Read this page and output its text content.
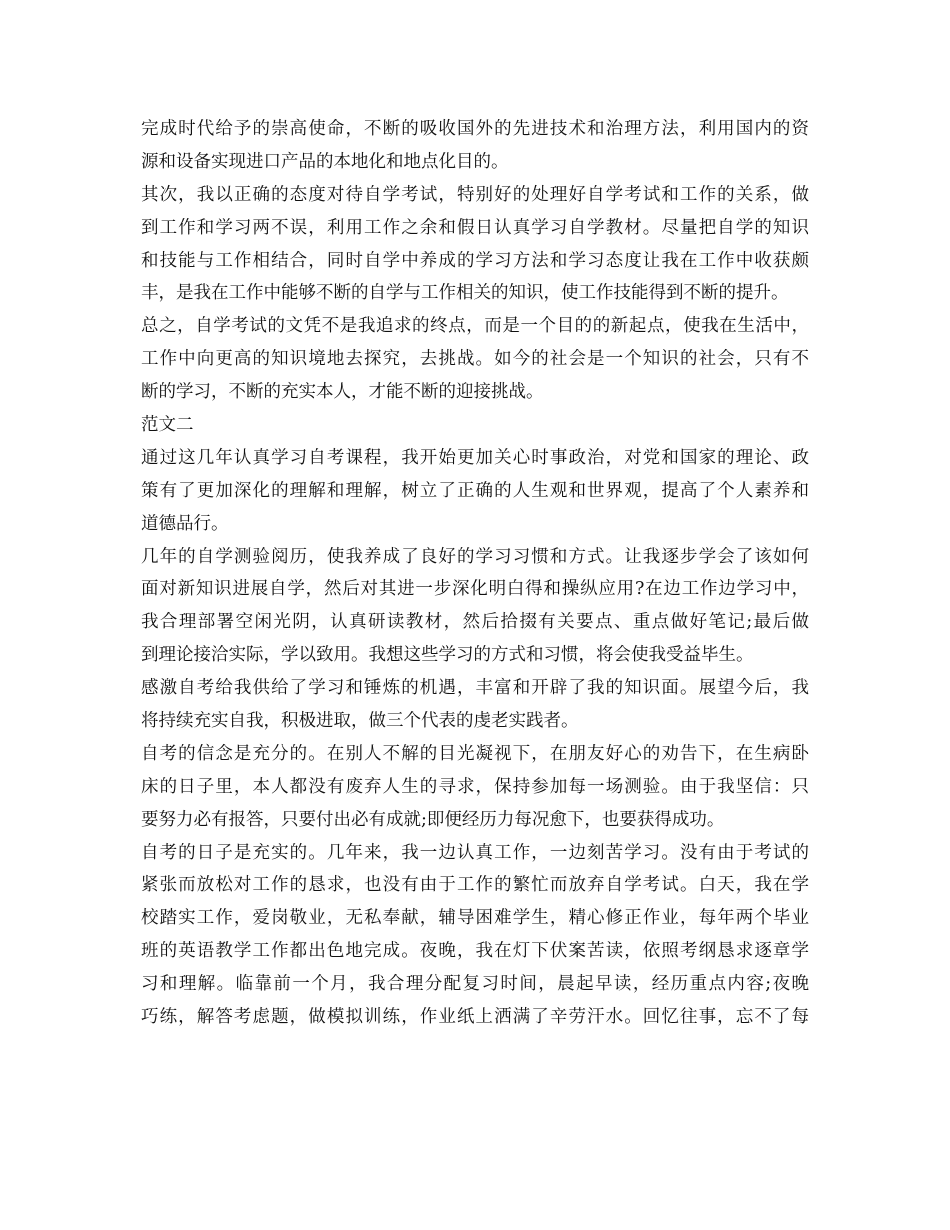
完成时代给予的崇高使命，不断的吸收国外的先进技术和治理方法，利用国内的资
源和设备实现进口产品的本地化和地点化目的。
其次，我以正确的态度对待自学考试，特别好的处理好自学考试和工作的关系，做
到工作和学习两不误，利用工作之余和假日认真学习自学教材。尽量把自学的知识
和技能与工作相结合，同时自学中养成的学习方法和学习态度让我在工作中收获颇
丰，是我在工作中能够不断的自学与工作相关的知识，使工作技能得到不断的提升。
总之，自学考试的文凭不是我追求的终点，而是一个目的的新起点，使我在生活中，
工作中向更高的知识境地去探究，去挑战。如今的社会是一个知识的社会，只有不
断的学习，不断的充实本人，才能不断的迎接挑战。
范文二
通过这几年认真学习自考课程，我开始更加关心时事政治，对党和国家的理论、政
策有了更加深化的理解和理解，树立了正确的人生观和世界观，提高了个人素养和
道德品行。
几年的自学测验阅历，使我养成了良好的学习习惯和方式。让我逐步学会了该如何
面对新知识进展自学，然后对其进一步深化明白得和操纵应用?在边工作边学习中，
我合理部署空闲光阴，认真研读教材，然后拾掇有关要点、重点做好笔记;最后做
到理论接洽实际，学以致用。我想这些学习的方式和习惯，将会使我受益毕生。
感激自考给我供给了学习和锤炼的机遇，丰富和开辟了我的知识面。展望今后，我
将持续充实自我，积极进取，做三个代表的虔老实践者。
自考的信念是充分的。在别人不解的目光凝视下，在朋友好心的劝告下，在生病卧
床的日子里，本人都没有废弃人生的寻求，保持参加每一场测验。由于我坚信：只
要努力必有报答，只要付出必有成就;即便经历力每况愈下，也要获得成功。
自考的日子是充实的。几年来，我一边认真工作，一边刻苦学习。没有由于考试的
紧张而放松对工作的恳求，也没有由于工作的繁忙而放弃自学考试。白天，我在学
校踏实工作，爱岗敬业，无私奉献，辅导困难学生，精心修正作业，每年两个毕业
班的英语教学工作都出色地完成。夜晚，我在灯下伏案苦读，依照考纲恳求逐章学
习和理解。临靠前一个月，我合理分配复习时间，晨起早读，经历重点内容;夜晚
巧练，解答考虑题，做模拟训练，作业纸上洒满了辛劳汗水。回忆往事，忘不了每
